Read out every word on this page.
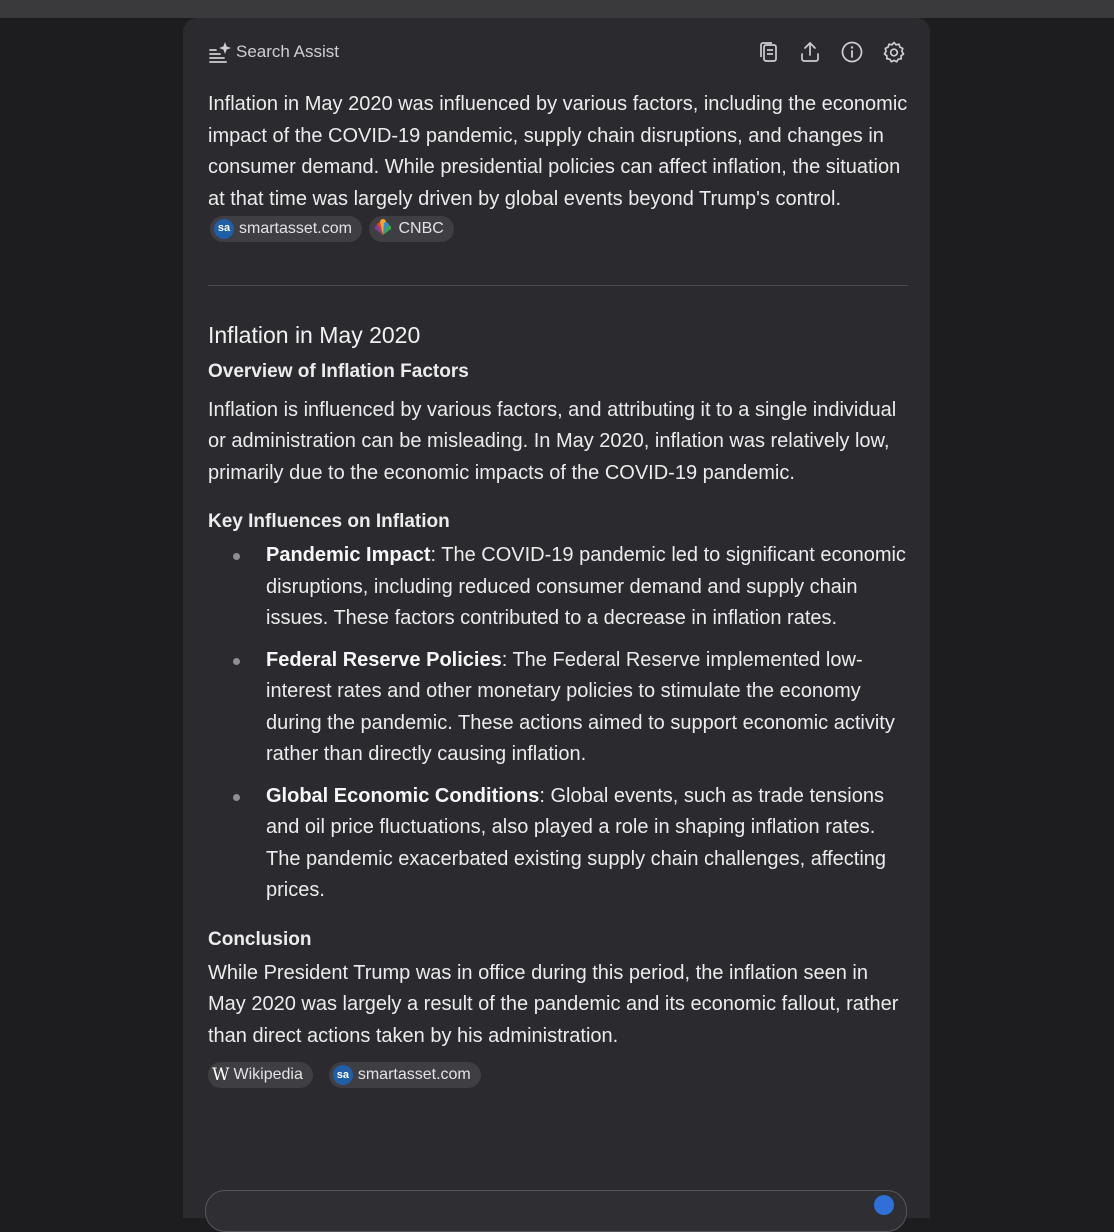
Search Assist

Inflation in May 2020 was influenced by various factors, including the economic impact of the COVID-19 pandemic, supply chain disruptions, and changes in consumer demand. While presidential policies can affect inflation, the situation at that time was largely driven by global events beyond Trump's control.
sa smartasset.com
	CNBC

Inflation in May 2020
Overview of Inflation Factors

Inflation is influenced by various factors, and attributing it to a single individual or administration can be misleading. In May 2020, inflation was relatively low, primarily due to the economic impacts of the COVID-19 pandemic.

Key Influences on Inflation
Pandemic Impact: The COVID-19 pandemic led to significant economic disruptions, including reduced consumer demand and supply chain issues. These factors contributed to a decrease in inflation rates.
Federal Reserve Policies: The Federal Reserve implemented low-interest rates and other monetary policies to stimulate the economy during the pandemic. These actions aimed to support economic activity rather than directly causing inflation.
Global Economic Conditions: Global events, such as trade tensions and oil price fluctuations, also played a role in shaping inflation rates. The pandemic exacerbated existing supply chain challenges, affecting prices.
Conclusion

While President Trump was in office during this period, the inflation seen in May 2020 was largely a result of the pandemic and its economic fallout, rather than direct actions taken by his administration.

W Wikipedia	sa smartasset.com
